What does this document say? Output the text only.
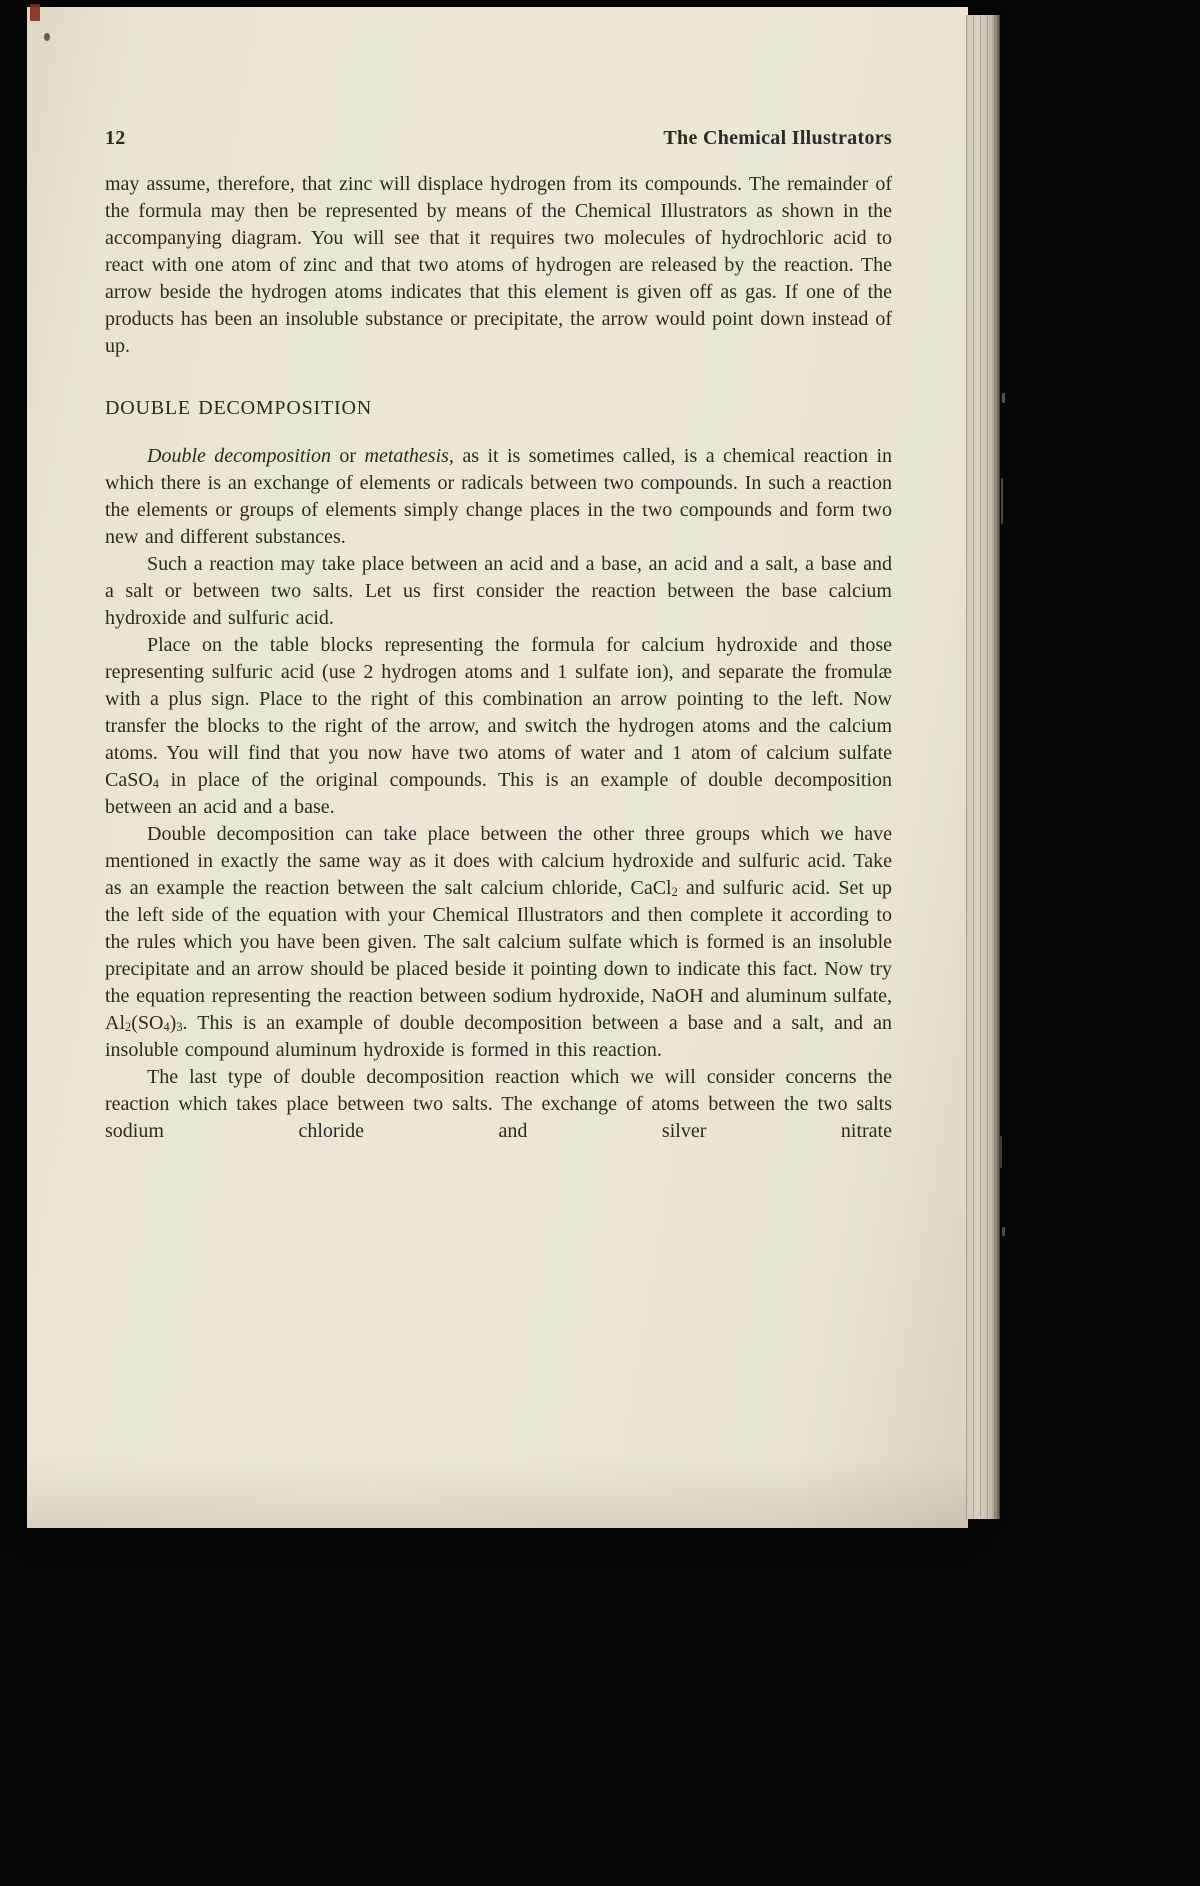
12	The Chemical Illustrators

may assume, therefore, that zinc will displace hydrogen from its compounds. The remainder of the formula may then be represented by means of the Chemical Illustrators as shown in the accompanying diagram. You will see that it requires two molecules of hydrochloric acid to react with one atom of zinc and that two atoms of hydrogen are released by the reaction. The arrow beside the hydrogen atoms indicates that this element is given off as gas. If one of the products has been an insoluble substance or precipitate, the arrow would point down instead of up.

DOUBLE DECOMPOSITION

Double decomposition or metathesis, as it is sometimes called, is a chemical reaction in which there is an exchange of elements or radicals between two compounds. In such a reaction the elements or groups of elements simply change places in the two compounds and form two new and different substances.

Such a reaction may take place between an acid and a base, an acid and a salt, a base and a salt or between two salts. Let us first consider the reaction between the base calcium hydroxide and sulfuric acid.

Place on the table blocks representing the formula for calcium hydroxide and those representing sulfuric acid (use 2 hydrogen atoms and 1 sulfate ion), and separate the fromulæ with a plus sign. Place to the right of this combination an arrow pointing to the left. Now transfer the blocks to the right of the arrow, and switch the hydrogen atoms and the calcium atoms. You will find that you now have two atoms of water and 1 atom of calcium sulfate CaSO$_4$ in place of the original compounds. This is an example of double decomposition between an acid and a base.

Double decomposition can take place between the other three groups which we have mentioned in exactly the same way as it does with calcium hydroxide and sulfuric acid. Take as an example the reaction between the salt calcium chloride, CaCl$_2$ and sulfuric acid. Set up the left side of the equation with your Chemical Illustrators and then complete it according to the rules which you have been given. The salt calcium sulfate which is formed is an insoluble precipitate and an arrow should be placed beside it pointing down to indicate this fact. Now try the equation representing the reaction between sodium hydroxide, NaOH and aluminum sulfate, $Al_2(SO_4)_3$. This is an example of double decomposition between a base and a salt, and an insoluble compound aluminum hydroxide is formed in this reaction.

The last type of double decomposition reaction which we will consider concerns the reaction which takes place between two salts. The exchange of atoms between the two salts sodium chloride and silver nitrate
